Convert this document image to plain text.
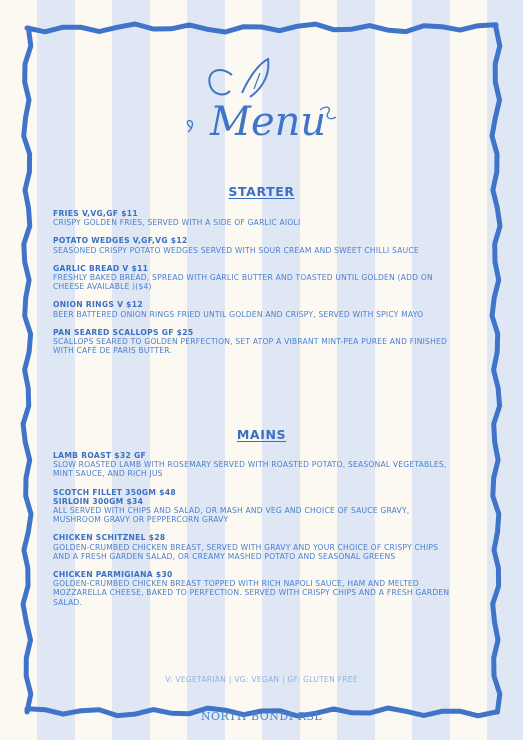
Menu
STARTER
FRIES V,VG,GF $11
CRISPY GOLDEN FRIES, SERVED WITH A SIDE OF GARLIC AIOLI
POTATO WEDGES V,GF,VG $12
SEASONED CRISPY POTATO WEDGES SERVED WITH SOUR CREAM AND SWEET CHILLI SAUCE
GARLIC BREAD V $11
FRESHLY BAKED BREAD, SPREAD WITH GARLIC BUTTER AND TOASTED UNTIL GOLDEN (ADD ON CHEESE AVAILABLE )($4)
ONION RINGS V $12
BEER BATTERED ONION RINGS FRIED UNTIL GOLDEN AND CRISPY, SERVED WITH SPICY MAYO
PAN SEARED SCALLOPS GF $25
SCALLOPS SEARED TO GOLDEN PERFECTION, SET ATOP A VIBRANT MINT-PEA PUREE AND FINISHED WITH CAFÉ DE PARIS BUTTER.
MAINS
LAMB ROAST $32 GF
SLOW ROASTED LAMB WITH ROSEMARY SERVED WITH ROASTED POTATO, SEASONAL VEGETABLES, MINT SAUCE, AND RICH JUS
SCOTCH FILLET 350GM $48
SIRLOIN 300GM $34
ALL SERVED WITH CHIPS AND SALAD, OR MASH AND VEG AND CHOICE OF SAUCE GRAVY, MUSHROOM GRAVY OR PEPPERCORN GRAVY
CHICKEN SCHITZNEL $28
GOLDEN-CRUMBED CHICKEN BREAST, SERVED WITH GRAVY AND YOUR CHOICE OF CRISPY CHIPS AND A FRESH GARDEN SALAD, OR CREAMY MASHED POTATO AND SEASONAL GREENS
CHICKEN PARMIGIANA $30
GOLDEN-CRUMBED CHICKEN BREAST TOPPED WITH RICH NAPOLI SAUCE, HAM AND MELTED MOZZARELLA CHEESE, BAKED TO PERFECTION. SERVED WITH CRISPY CHIPS AND A FRESH GARDEN SALAD.
V: VEGETARIAN | VG: VEGAN | GF: GLUTEN FREE
NORTH BONDI RSL
